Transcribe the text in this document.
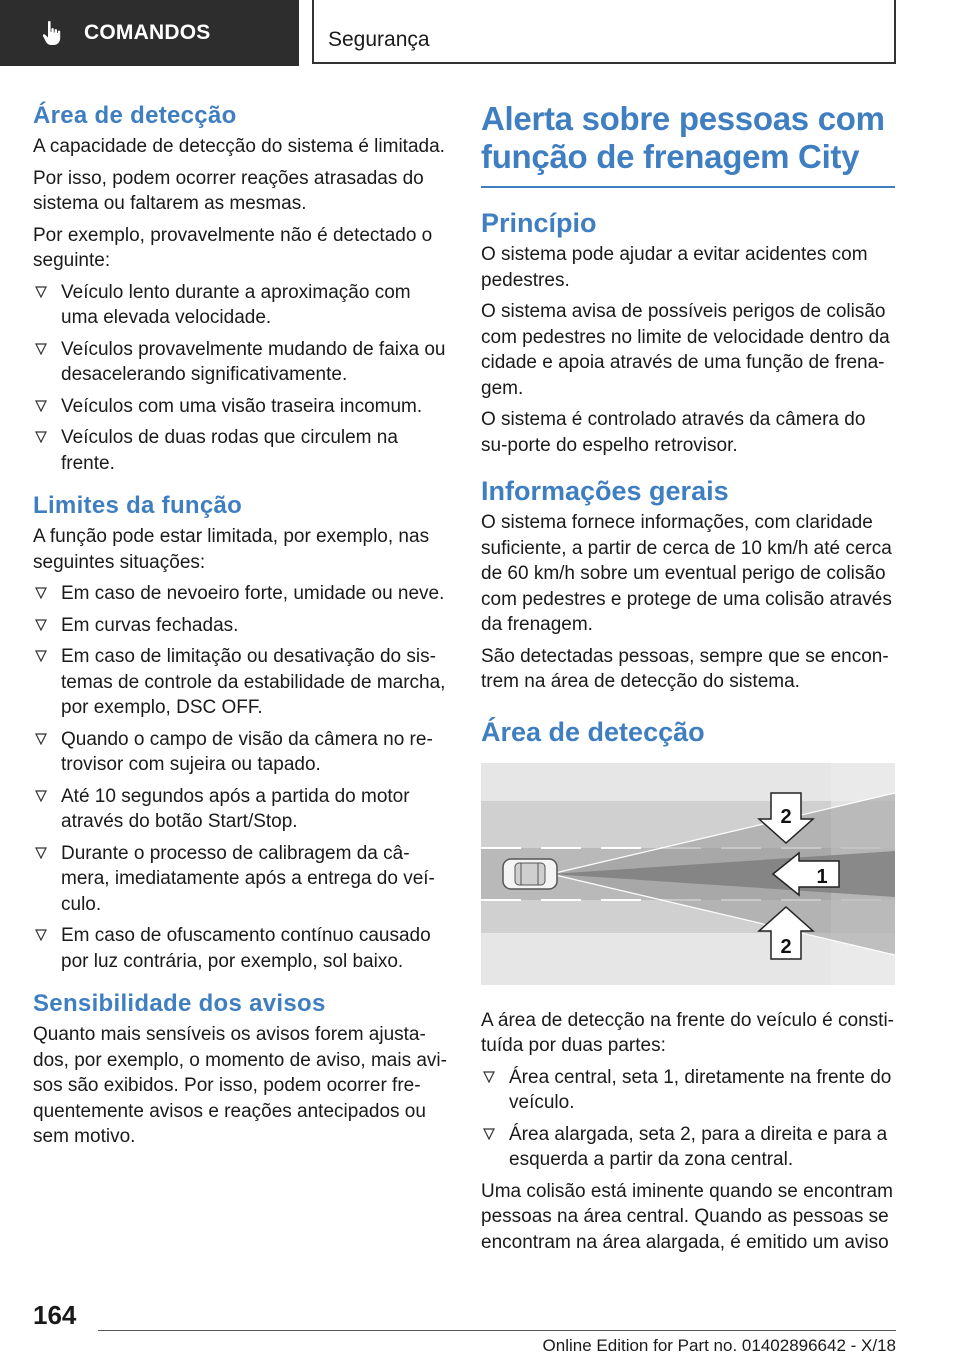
COMANDOS	Segurança
Área de detecção
A capacidade de detecção do sistema é limitada.
Por isso, podem ocorrer reações atrasadas do sistema ou faltarem as mesmas.
Por exemplo, provavelmente não é detectado o seguinte:
Veículo lento durante a aproximação com uma elevada velocidade.
Veículos provavelmente mudando de faixa ou desacelerando significativamente.
Veículos com uma visão traseira incomum.
Veículos de duas rodas que circulem na frente.
Limites da função
A função pode estar limitada, por exemplo, nas seguintes situações:
Em caso de nevoeiro forte, umidade ou neve.
Em curvas fechadas.
Em caso de limitação ou desativação do sis-temas de controle da estabilidade de marcha, por exemplo, DSC OFF.
Quando o campo de visão da câmera no re-trovisor com sujeira ou tapado.
Até 10 segundos após a partida do motor através do botão Start/Stop.
Durante o processo de calibragem da câ-mera, imediatamente após a entrega do veí-culo.
Em caso de ofuscamento contínuo causado por luz contrária, por exemplo, sol baixo.
Sensibilidade dos avisos
Quanto mais sensíveis os avisos forem ajusta-dos, por exemplo, o momento de aviso, mais avi-sos são exibidos. Por isso, podem ocorrer fre-quentemente avisos e reações antecipados ou sem motivo.
Alerta sobre pessoas com função de frenagem City
Princípio
O sistema pode ajudar a evitar acidentes com pedestres.
O sistema avisa de possíveis perigos de colisão com pedestres no limite de velocidade dentro da cidade e apoia através de uma função de frena-gem.
O sistema é controlado através da câmera do su-porte do espelho retrovisor.
Informações gerais
O sistema fornece informações, com claridade suficiente, a partir de cerca de 10 km/h até cerca de 60 km/h sobre um eventual perigo de colisão com pedestres e protege de uma colisão através da frenagem.
São detectadas pessoas, sempre que se encon-trem na área de detecção do sistema.
Área de detecção
2
1
2
A área de detecção na frente do veículo é consti-tuída por duas partes:
Área central, seta 1, diretamente na frente do veículo.
Área alargada, seta 2, para a direita e para a esquerda a partir da zona central.
Uma colisão está iminente quando se encontram pessoas na área central. Quando as pessoas se encontram na área alargada, é emitido um aviso
164
Online Edition for Part no. 01402896642 - X/18
